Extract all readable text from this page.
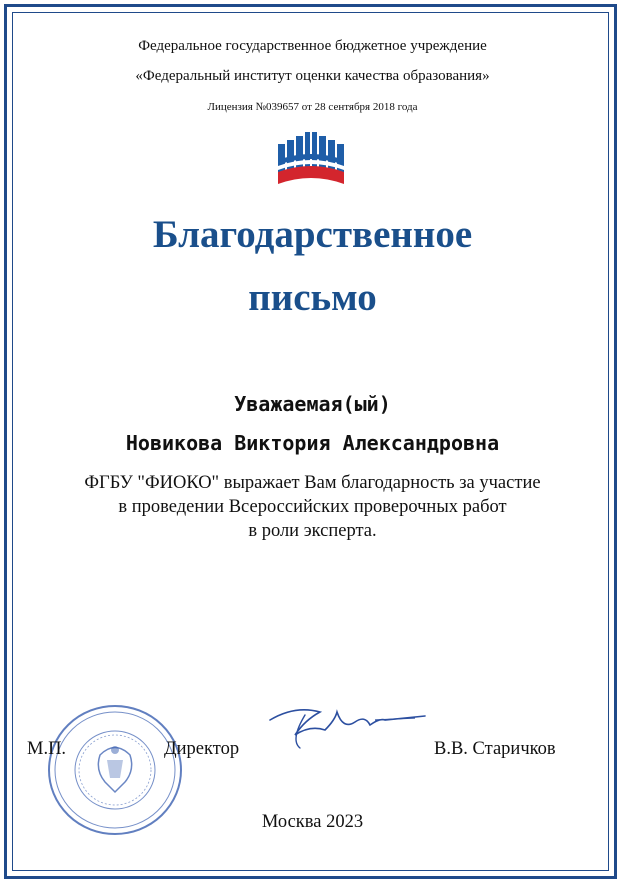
Федеральное государственное бюджетное учреждение
«Федеральный институт оценки качества образования»
Лицензия №039657 от 28 сентября 2018 года
Благодарственное
письмо
Уважаемая(ый)
Новикова Виктория Александровна
ФГБУ "ФИОКО" выражает Вам благодарность за участие
в проведении Всероссийских проверочных работ
в роли эксперта.
М.П.	Директор	В.В. Старичков
Москва 2023
